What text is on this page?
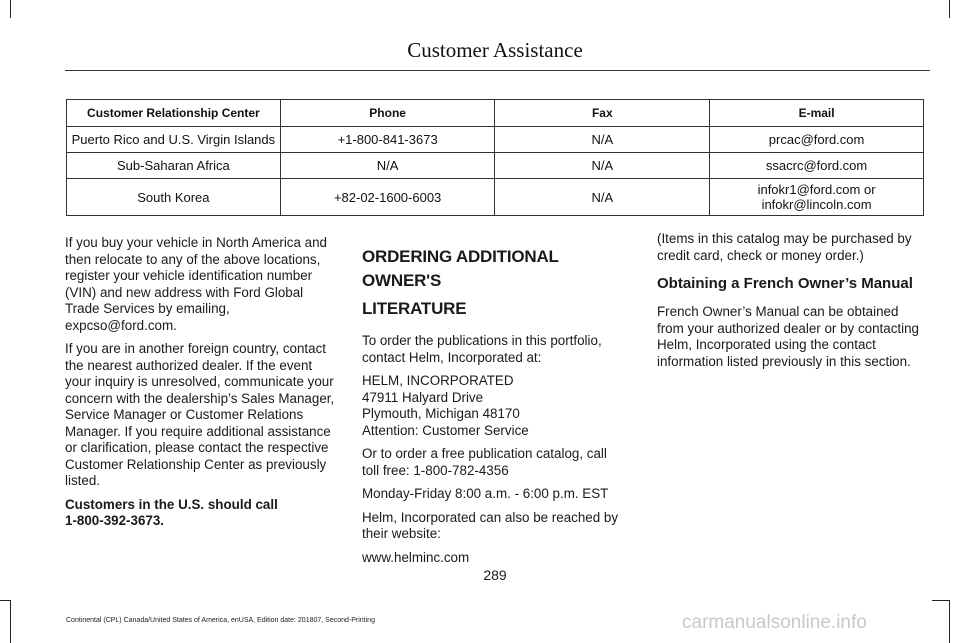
Customer Assistance
Customer Relationship Center	Phone	Fax	E-mail
Puerto Rico and U.S. Virgin Islands	+1-800-841-3673	N/A	prcac@ford.com

Sub-Saharan Africa	N/A	N/A	ssacrc@ford.com

South Korea	+82-02-1600-6003	N/A	infokr1@ford.com or
infokr@lincoln.com

If you buy your vehicle in North America and
then relocate to any of the above locations,
register your vehicle identification number
(VIN) and new address with Ford Global
Trade Services by emailing,
expcso@ford.com.

If you are in another foreign country, contact
the nearest authorized dealer. If the event
your inquiry is unresolved, communicate your
concern with the dealership’s Sales Manager,
Service Manager or Customer Relations
Manager. If you require additional assistance
or clarification, please contact the respective
Customer Relationship Center as previously
listed.

Customers in the U.S. should call
1-800-392-3673.

ORDERING ADDITIONAL OWNER'S
LITERATURE

To order the publications in this portfolio,
contact Helm, Incorporated at:

HELM, INCORPORATED
47911 Halyard Drive
Plymouth, Michigan 48170
Attention: Customer Service

Or to order a free publication catalog, call
toll free: 1-800-782-4356

Monday-Friday 8:00 a.m. - 6:00 p.m. EST

Helm, Incorporated can also be reached by
their website:

www.helminc.com

(Items in this catalog may be purchased by
credit card, check or money order.)

Obtaining a French Owner’s Manual

French Owner’s Manual can be obtained
from your authorized dealer or by contacting
Helm, Incorporated using the contact
information listed previously in this section.

289
Continental (CPL) Canada/United States of America, enUSA, Edition date: 201807, Second-Printing	carmanualsonline.info
